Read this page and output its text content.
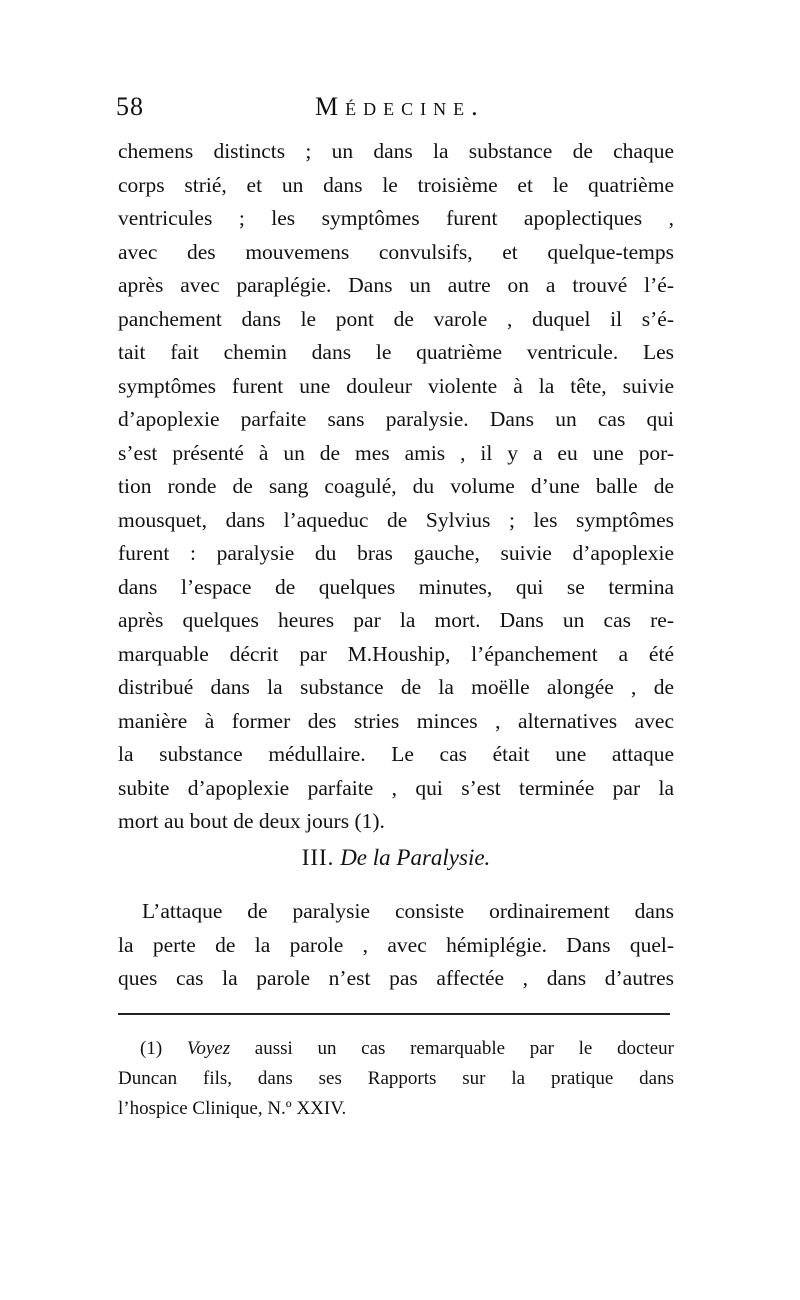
58	Médecine.
chemens distincts ; un dans la substance de chaque
corps strié, et un dans le troisième et le quatrième
ventricules ; les symptômes furent apoplectiques ,
avec des mouvemens convulsifs, et quelque-temps
après avec paraplégie. Dans un autre on a trouvé l’é-
panchement dans le pont de varole , duquel il s’é-
tait fait chemin dans le quatrième ventricule. Les
symptômes furent une douleur violente à la tête, suivie
d’apoplexie parfaite sans paralysie. Dans un cas qui
s’est présenté à un de mes amis , il y a eu une por-
tion ronde de sang coagulé, du volume d’une balle de
mousquet, dans l’aqueduc de Sylvius ; les symptômes
furent : paralysie du bras gauche, suivie d’apoplexie
dans l’espace de quelques minutes, qui se termina
après quelques heures par la mort. Dans un cas re-
marquable décrit par M.Houship, l’épanchement a été
distribué dans la substance de la moëlle alongée , de
manière à former des stries minces , alternatives avec
la substance médullaire. Le cas était une attaque
subite d’apoplexie parfaite , qui s’est terminée par la
mort au bout de deux jours (1).
III. De la Paralysie.
L’attaque de paralysie consiste ordinairement dans
la perte de la parole , avec hémiplégie. Dans quel-
ques cas la parole n’est pas affectée , dans d’autres
(1) Voyez aussi un cas remarquable par le docteur
Duncan fils, dans ses Rapports sur la pratique dans
l’hospice Clinique, N.º XXIV.
